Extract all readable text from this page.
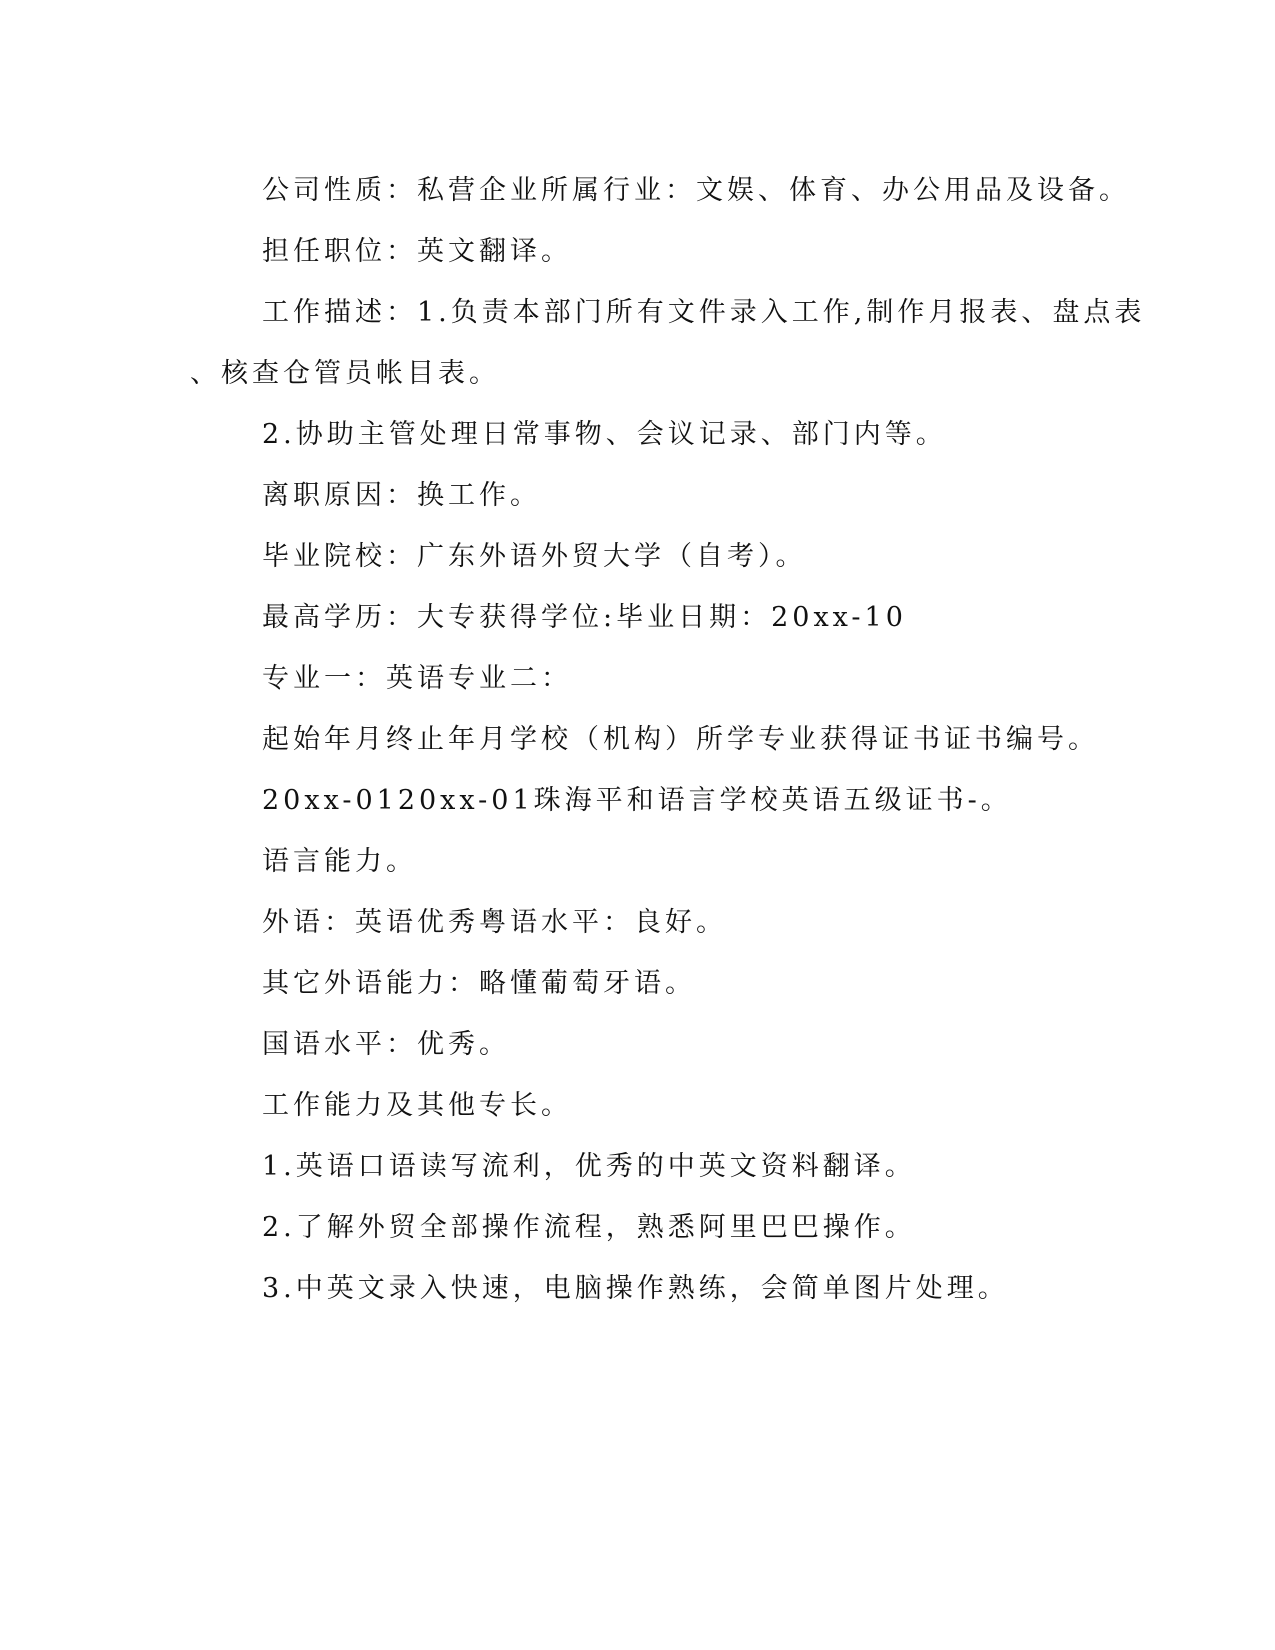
公司性质：私营企业所属行业：文娱、体育、办公用品及设备。
担任职位：英文翻译。
工作描述：1.负责本部门所有文件录入工作,制作月报表、盘点表
、核查仓管员帐目表。
2.协助主管处理日常事物、会议记录、部门内等。
离职原因：换工作。
毕业院校：广东外语外贸大学（自考）。
最高学历：大专获得学位:毕业日期：20xx-10
专业一：英语专业二：
起始年月终止年月学校（机构）所学专业获得证书证书编号。
20xx-0120xx-01珠海平和语言学校英语五级证书-。
语言能力。
外语：英语优秀粤语水平：良好。
其它外语能力：略懂葡萄牙语。
国语水平：优秀。
工作能力及其他专长。
1.英语口语读写流利，优秀的中英文资料翻译。
2.了解外贸全部操作流程，熟悉阿里巴巴操作。
3.中英文录入快速，电脑操作熟练，会简单图片处理。
